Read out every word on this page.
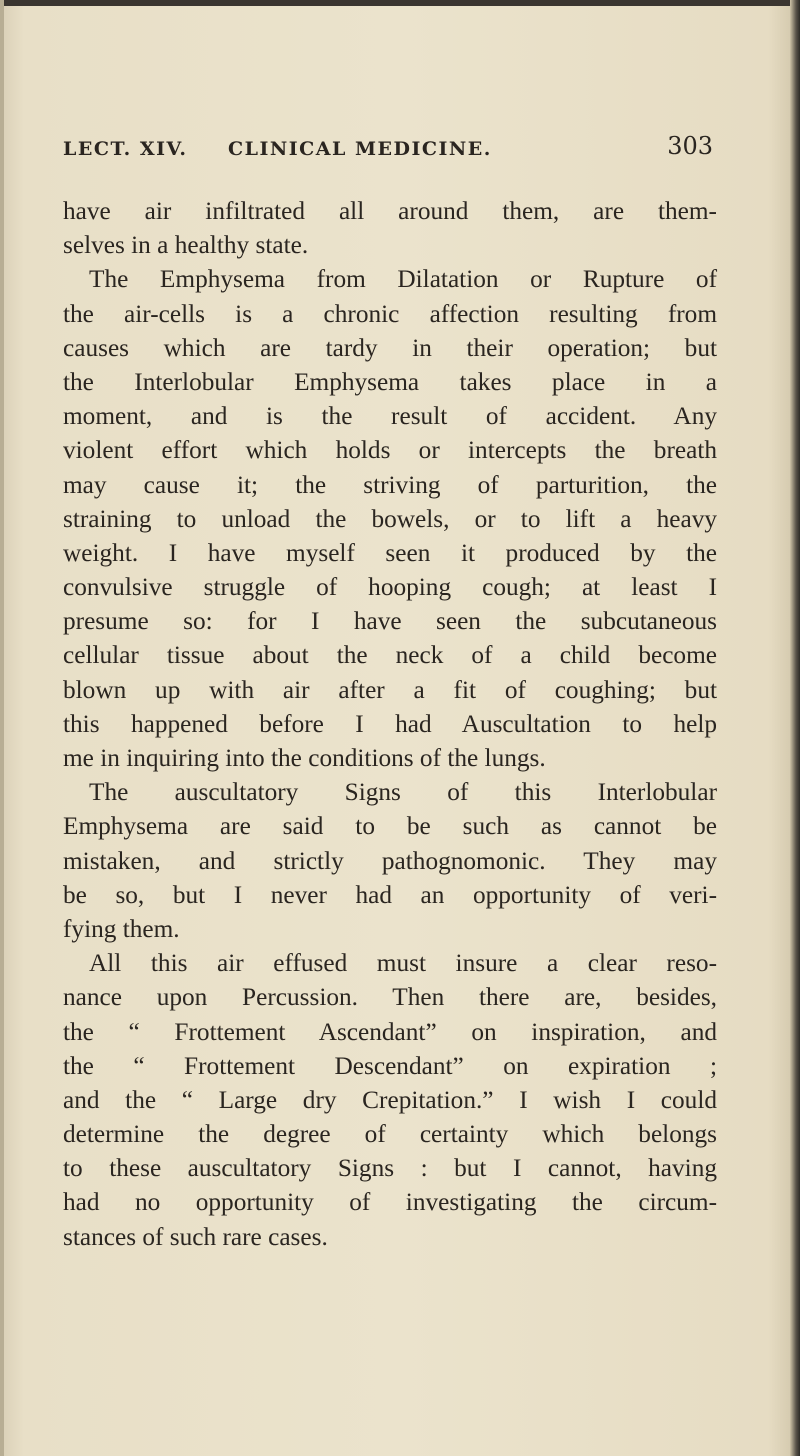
LECT. XIV. CLINICAL MEDICINE.	303
have air infiltrated all around them, are them-
selves in a healthy state.
The Emphysema from Dilatation or Rupture of
the air-cells is a chronic affection resulting from
causes which are tardy in their operation; but
the Interlobular Emphysema takes place in a
moment, and is the result of accident. Any
violent effort which holds or intercepts the breath
may cause it; the striving of parturition, the
straining to unload the bowels, or to lift a heavy
weight. I have myself seen it produced by the
convulsive struggle of hooping cough; at least I
presume so: for I have seen the subcutaneous
cellular tissue about the neck of a child become
blown up with air after a fit of coughing; but
this happened before I had Auscultation to help
me in inquiring into the conditions of the lungs.
The auscultatory Signs of this Interlobular
Emphysema are said to be such as cannot be
mistaken, and strictly pathognomonic. They may
be so, but I never had an opportunity of veri-
fying them.
All this air effused must insure a clear reso-
nance upon Percussion. Then there are, besides,
the “ Frottement Ascendant” on inspiration, and
the “ Frottement Descendant” on expiration ;
and the “ Large dry Crepitation.” I wish I could
determine the degree of certainty which belongs
to these auscultatory Signs : but I cannot, having
had no opportunity of investigating the circum-
stances of such rare cases.
